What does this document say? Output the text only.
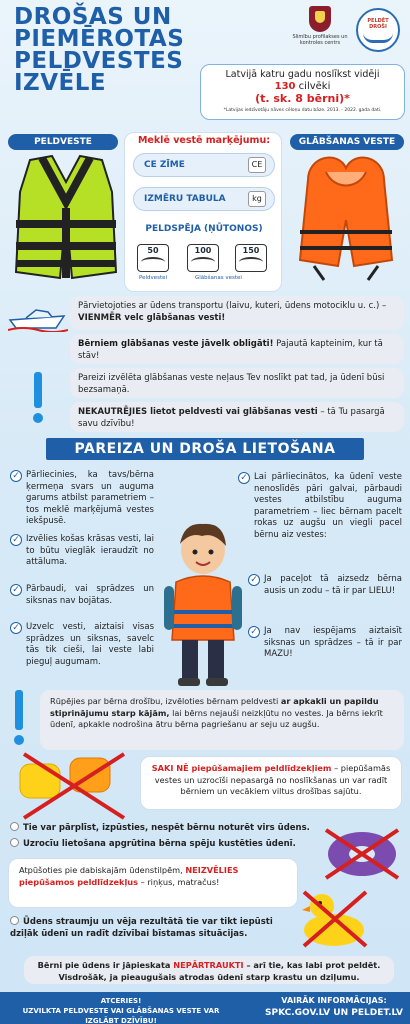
DROŠAS UN
PIEMĒROTAS
PELDVESTES
IZVĒLE
Slimību profilakses un kontroles centrs
PELDĒT DROŠI
Latvijā katru gadu noslīkst vidēji
130 cilvēki
(t. sk. 8 bērni)*
*Latvijas iedzīvotāju nāves cēloņu datu bāze. 2013. - 2022. gada dati.
PELDVESTE	GLĀBŠANAS VESTE
Meklē vestē marķējumu:
CE ZĪME	CE
IZMĒRU TABULA	kg
PELDSPĒJA (ŅŪTONOS)
50	100	150
Peldvestei	Glābšanas vestei
Pārvietojoties ar ūdens transportu (laivu, kuteri, ūdens motociklu u. c.) – VIENMĒR velc glābšanas vesti!
Bērniem glābšanas veste jāvelk obligāti! Pajautā kapteinim, kur tā stāv!
Pareizi izvēlēta glābšanas veste neļaus Tev noslīkt pat tad, ja ūdenī būsi bezsamaņā.
NEKAUTRĒJIES lietot peldvesti vai glābšanas vesti – tā Tu pasargā savu dzīvību!
PAREIZA UN DROŠA LIETOŠANA
✓ Pārliecinies, ka tavs/bērna ķermeņa svars un auguma garums atbilst parametriem – tos meklē marķējumā vestes iekšpusē.
✓ Izvēlies košas krāsas vesti, lai to būtu vieglāk ieraudzīt no attāluma.
✓ Pārbaudi, vai sprādzes un siksnas nav bojātas.
✓ Uzvelc vesti, aiztaisi visas sprādzes un siksnas, savelc tās tik cieši, lai veste labi pieguļ augumam.
✓ Lai pārliecinātos, ka ūdenī veste nenoslīdēs pāri galvai, pārbaudi vestes atbilstību auguma parametriem – liec bērnam pacelt rokas uz augšu un viegli pacel bērnu aiz vestes:
✓ Ja paceļot tā aizsedz bērna ausis un zodu – tā ir par LIELU!
✓ Ja nav iespējams aiztaisīt siksnas un sprādzes – tā ir par MAZU!
Rūpējies par bērna drošību, izvēloties bērnam peldvesti ar apkakli un papildu stiprinājumu starp kājām, lai bērns nejauši neizkļūtu no vestes. Ja bērns iekrīt ūdenī, apkakle nodrošina ātru bērna pagriešanu ar seju uz augšu.
SAKI NĒ piepūšamajiem peldlīdzekļiem – piepūšamās vestes un uzrocīši nepasargā no noslīkšanas un var radīt bērniem un vecākiem viltus drošības sajūtu.
Tie var pārplīst, izpūsties, nespēt bērnu noturēt virs ūdens.
Uzrocīu lietošana apgrūtina bērna spēju kustēties ūdenī.
Atpūšoties pie dabiskajām ūdenstilpēm, NEIZVĒLIES piepūšamos peldlīdzekļus – riņķus, matračus!
Ūdens straumju un vēja rezultātā tie var tikt iepūsti dziļāk ūdenī un radīt dzīvībai bīstamas situācijas.
Bērni pie ūdens ir jāpieskata NEPĀRTRAUKTI – arī tie, kas labi prot peldēt. Visdrošāk, ja pieaugušais atrodas ūdenī starp krastu un dziļumu.
ATCERIES!
UZVILKTA PELDVESTE VAI GLĀBŠANAS VESTE VAR IZGLĀBT DZĪVĪBU!
VAIRĀK INFORMĀCIJAS:
SPKC.GOV.LV UN PELDET.LV
